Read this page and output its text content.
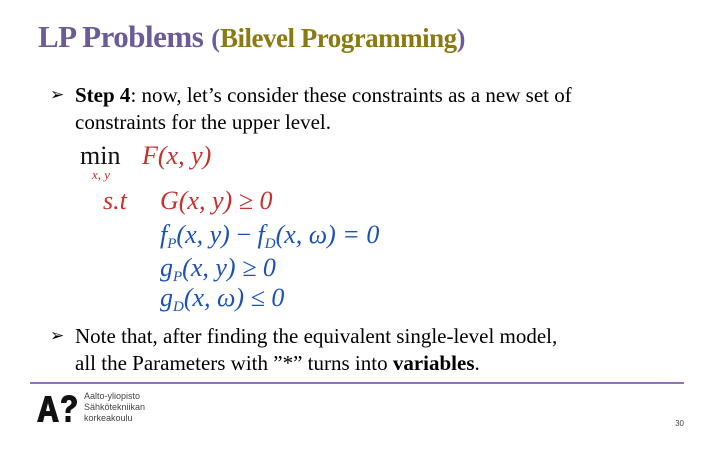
LP Problems (Bilevel Programming)
➢ Step 4: now, let’s consider these constraints as a new set of
constraints for the upper level.
min
x, y
F(x, y)
s.t G(x, y) ≥ 0
$f_P(x$, $y) - f_D(x$, ω) = 0
$g_P(x$, y) ≥ 0
$g_D(x$, ω) ≤ 0
➢ Note that, after finding the equivalent single-level model,
all the Parameters with ”*” turns into variables.
Aalto-yliopisto
Sähkötekniikan
korkeakoulu
30
